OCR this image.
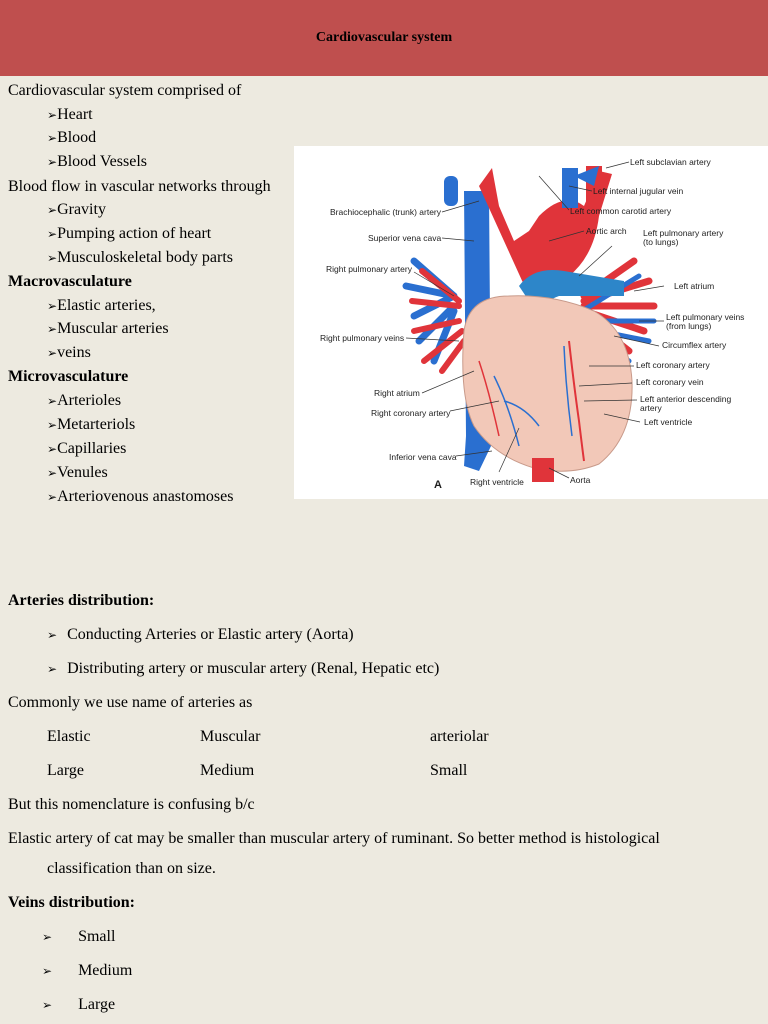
Cardiovascular system
Cardiovascular system comprised of
➢Heart
➢Blood
➢Blood Vessels
Blood flow in vascular networks through
➢Gravity
➢Pumping action of heart
➢Musculoskeletal body parts
Macrovasculature
➢Elastic arteries,
➢Muscular arteries
➢veins
Microvasculature
➢Arterioles
➢Metarteriols
➢Capillaries
➢Venules
➢Arteriovenous anastomoses
Left subclavian artery
Left internal jugular vein
Left common carotid artery
Brachiocephalic (trunk) artery
Superior vena cava
Aortic arch Left pulmonary artery
(to lungs)
Right pulmonary artery
Left atrium
Left pulmonary veins
(from lungs)
Right pulmonary veins
Circumflex artery
Left coronary artery
Left coronary vein
Right atrium
Left anterior descending
artery
Right coronary artery
Left ventricle
Inferior vena cava
A	Right ventricle	Aorta
Arteries distribution:
➢ Conducting Arteries or Elastic artery (Aorta)
➢ Distributing artery or muscular artery (Renal, Hepatic etc)
Commonly we use name of arteries as
Elastic	Muscular	arteriolar
Large	Medium	Small
But this nomenclature is confusing b/c
Elastic artery of cat may be smaller than muscular artery of ruminant. So better method is histological
classification than on size.
Veins distribution:
➢ Small
➢ Medium
➢ Large
